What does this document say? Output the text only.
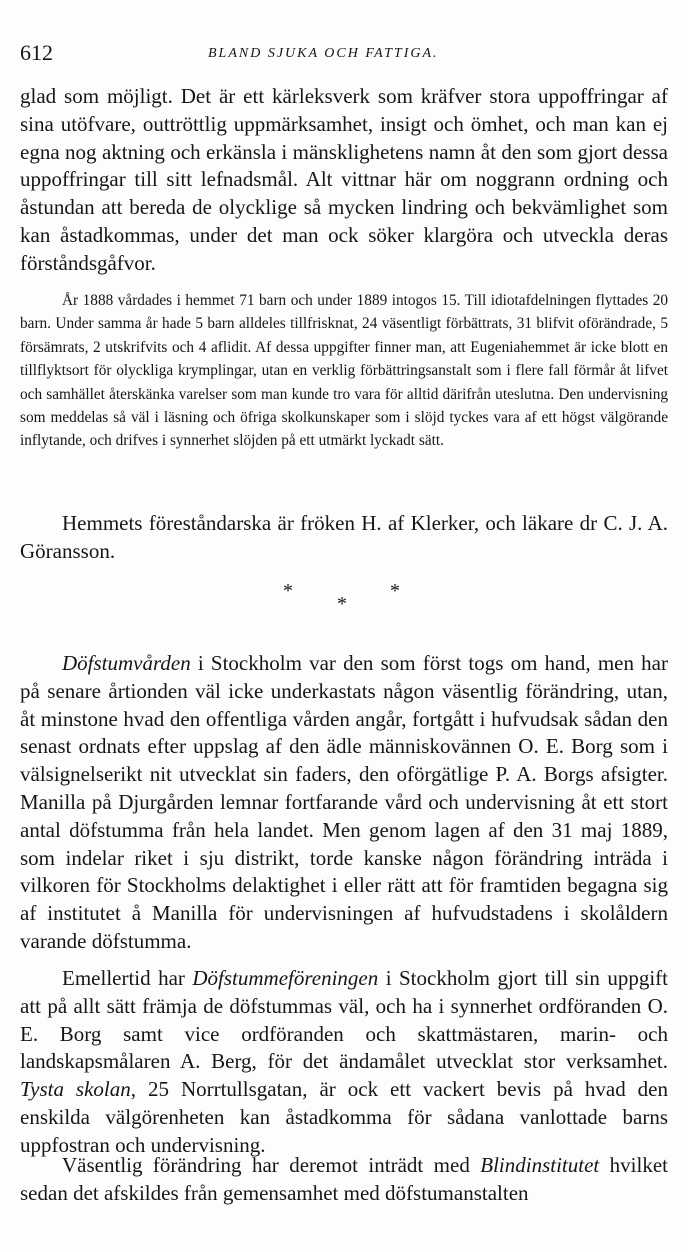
612	BLAND SJUKA OCH FATTIGA.

glad som möjligt. Det är ett kärleksverk som kräfver stora uppoffringar af sina utöfvare, outtröttlig uppmärksamhet, insigt och ömhet, och man kan ej egna nog aktning och erkänsla i mänsklighetens namn åt den som gjort dessa uppoffringar till sitt lefnadsmål. Alt vittnar här om noggrann ordning och åstundan att bereda de olycklige så mycken lindring och bekvämlighet som kan åstadkommas, under det man ock söker klargöra och utveckla deras förståndsgåfvor.

År 1888 vårdades i hemmet 71 barn och under 1889 intogos 15. Till idiotafdelningen flyttades 20 barn. Under samma år hade 5 barn alldeles tillfrisknat, 24 väsentligt förbättrats, 31 blifvit oförändrade, 5 försämrats, 2 utskrifvits och 4 aflidit. Af dessa uppgifter finner man, att Eugeniahemmet är icke blott en tillflyktsort för olyckliga krymplingar, utan en verklig förbättringsanstalt som i flere fall förmår åt lifvet och samhället återskänka varelser som man kunde tro vara för alltid därifrån uteslutna. Den undervisning som meddelas så väl i läsning och öfriga skolkunskaper som i slöjd tyckes vara af ett högst välgörande inflytande, och drifves i synnerhet slöjden på ett utmärkt lyckadt sätt.

Hemmets föreståndarska är fröken H. af Klerker, och läkare dr C. J. A. Göransson.

*
*
*

Döfstumvården i Stockholm var den som först togs om hand, men har på senare årtionden väl icke underkastats någon väsentlig förändring, utan, åt minstone hvad den offentliga vården angår, fortgått i hufvudsak sådan den senast ordnats efter uppslag af den ädle människovännen O. E. Borg som i välsignelserikt nit utvecklat sin faders, den oförgätlige P. A. Borgs afsigter. Manilla på Djurgården lemnar fortfarande vård och undervisning åt ett stort antal döfstumma från hela landet. Men genom lagen af den 31 maj 1889, som indelar riket i sju distrikt, torde kanske någon förändring inträda i vilkoren för Stockholms delaktighet i eller rätt att för framtiden begagna sig af institutet å Manilla för undervisningen af hufvudstadens i skolåldern varande döfstumma.

Emellertid har Döfstummeföreningen i Stockholm gjort till sin uppgift att på allt sätt främja de döfstummas väl, och ha i synnerhet ordföranden O. E. Borg samt vice ordföranden och skattmästaren, marin- och landskapsmålaren A. Berg, för det ändamålet utvecklat stor verksamhet. Tysta skolan, 25 Norrtullsgatan, är ock ett vackert bevis på hvad den enskilda välgörenheten kan åstadkomma för sådana vanlottade barns uppfostran och undervisning.

Väsentlig förändring har deremot inträdt med Blindinstitutet hvilket sedan det afskildes från gemensamhet med döfstumanstalten
